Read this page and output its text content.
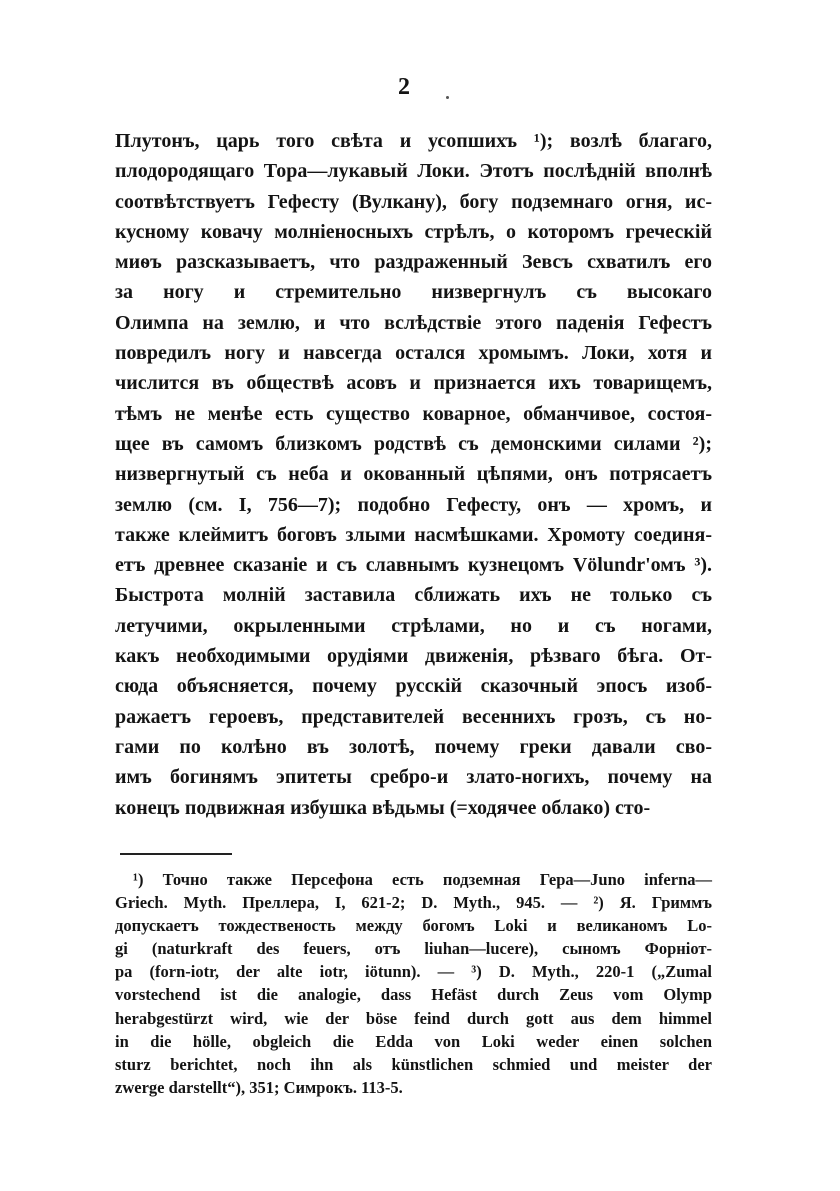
2
Плутонъ, царь того свѣта и усопшихъ ¹); возлѣ благаго,
плодородящаго Тора—лукавый Локи. Этотъ послѣднiй вполнѣ
соотвѣтствуетъ Гефесту (Вулкану), богу подземнаго огня, ис-
кусному ковачу молнiеносныхъ стрѣлъ, о которомъ греческiй
миѳъ разсказываетъ, что раздраженный Зевсъ схватилъ его
за ногу и стремительно низвергнулъ съ высокаго
Олимпа на землю, и что вслѣдствiе этого паденiя Гефестъ
повредилъ ногу и навсегда остался хромымъ. Локи, хотя и
числится въ обществѣ асовъ и признается ихъ товарищемъ,
тѣмъ не менѣе есть существо коварное, обманчивое, состоя-
щее въ самомъ близкомъ родствѣ съ демонскими силами ²);
низвергнутый съ неба и окованный цѣпями, онъ потрясаетъ
землю (см. I, 756—7); подобно Гефесту, онъ — хромъ, и
также клеймитъ боговъ злыми насмѣшками. Хромоту соединя-
етъ древнее сказанiе и съ славнымъ кузнецомъ Völundr'омъ ³).
Быстрота молнiй заставила сближать ихъ не только съ
летучими, окрыленными стрѣлами, но и съ ногами,
какъ необходимыми орудiями движенiя, рѣзваго бѣга. От-
сюда объясняется, почему русскiй сказочный эпосъ изоб-
ражаетъ героевъ, представителей весеннихъ грозъ, съ но-
гами по колѣно въ золотѣ, почему греки давали сво-
имъ богинямъ эпитеты сребро-и злато-ногихъ, почему на
конецъ подвижная избушка вѣдьмы (=ходячее облако) сто-
¹) Точно также Персефона есть подземная Гера—Juno inferna—
Griech. Myth. Преллера, I, 621-2; D. Myth., 945. — ²) Я. Гриммъ
допускаетъ тождественость между богомъ Loki и великаномъ Lo-
gi (naturkraft des feuers, отъ liuhan—lucere), сыномъ Форнiот-
pa (forn-iotr, der alte iotr, iötunn). — ³) D. Myth., 220-1 („Zumal
vorstechend ist die analogie, dass Hefäst durch Zeus vom Olymp
herabgestürzt wird, wie der böse feind durch gott aus dem himmel
in die hölle, obgleich die Edda von Loki weder einen solchen
sturz berichtet, noch ihn als künstlichen schmied und meister der
zwerge darstellt“), 351; Симрокъ. 113-5.
